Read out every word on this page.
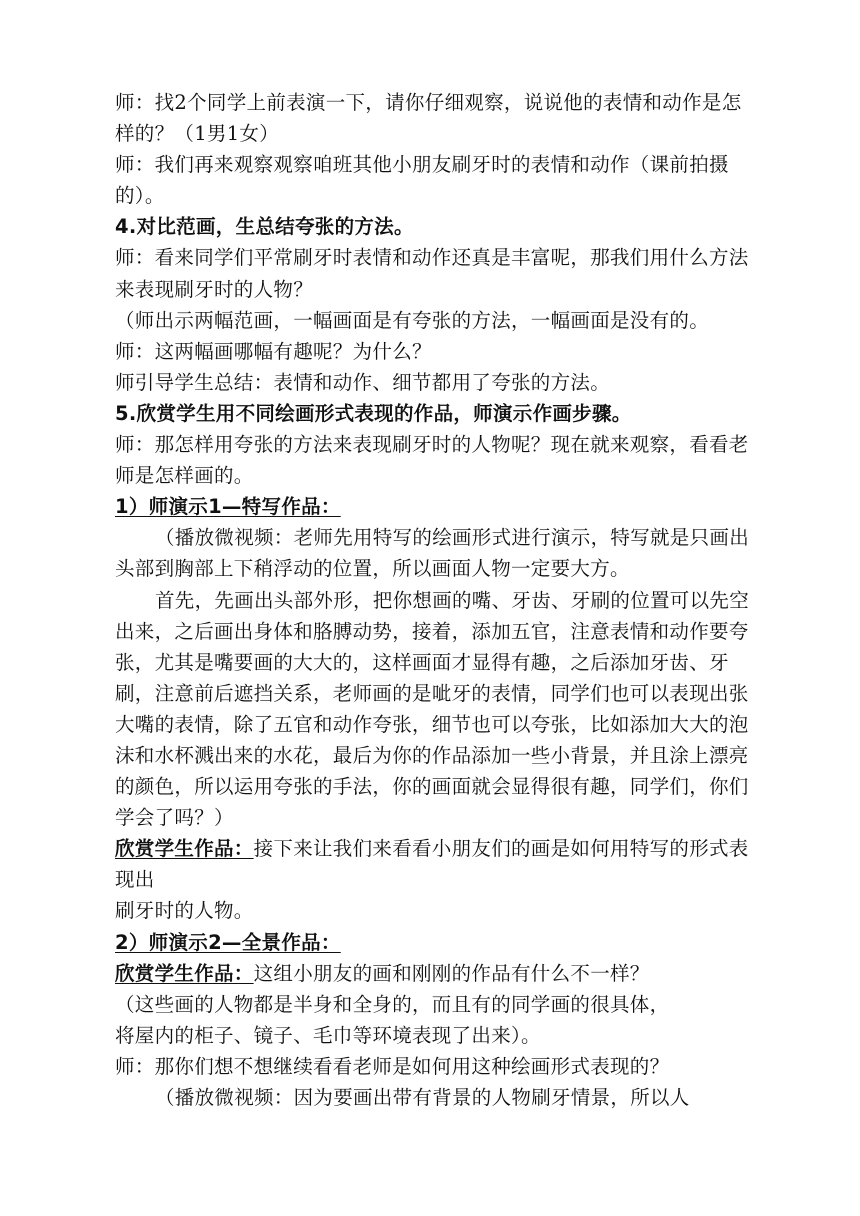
师：找2个同学上前表演一下，请你仔细观察，说说他的表情和动作是怎样的？（1男1女）

师：我们再来观察观察咱班其他小朋友刷牙时的表情和动作（课前拍摄的）。

4.对比范画，生总结夸张的方法。

师：看来同学们平常刷牙时表情和动作还真是丰富呢，那我们用什么方法来表现刷牙时的人物？

（师出示两幅范画，一幅画面是有夸张的方法，一幅画面是没有的。

师：这两幅画哪幅有趣呢？为什么？

师引导学生总结：表情和动作、细节都用了夸张的方法。

5.欣赏学生用不同绘画形式表现的作品，师演示作画步骤。

师：那怎样用夸张的方法来表现刷牙时的人物呢？现在就来观察，看看老师是怎样画的。

1）师演示1—特写作品：

（播放微视频：老师先用特写的绘画形式进行演示，特写就是只画出头部到胸部上下稍浮动的位置，所以画面人物一定要大方。

首先，先画出头部外形，把你想画的嘴、牙齿、牙刷的位置可以先空出来，之后画出身体和胳膊动势，接着，添加五官，注意表情和动作要夸张，尤其是嘴要画的大大的，这样画面才显得有趣，之后添加牙齿、牙刷，注意前后遮挡关系，老师画的是呲牙的表情，同学们也可以表现出张大嘴的表情，除了五官和动作夸张，细节也可以夸张，比如添加大大的泡沫和水杯溅出来的水花，最后为你的作品添加一些小背景，并且涂上漂亮的颜色，所以运用夸张的手法，你的画面就会显得很有趣，同学们，你们学会了吗？）

欣赏学生作品：接下来让我们来看看小朋友们的画是如何用特写的形式表现出

刷牙时的人物。

2）师演示2—全景作品：

欣赏学生作品：这组小朋友的画和刚刚的作品有什么不一样？

（这些画的人物都是半身和全身的，而且有的同学画的很具体，

将屋内的柜子、镜子、毛巾等环境表现了出来）。

师：那你们想不想继续看看老师是如何用这种绘画形式表现的？

（播放微视频：因为要画出带有背景的人物刷牙情景，所以人
